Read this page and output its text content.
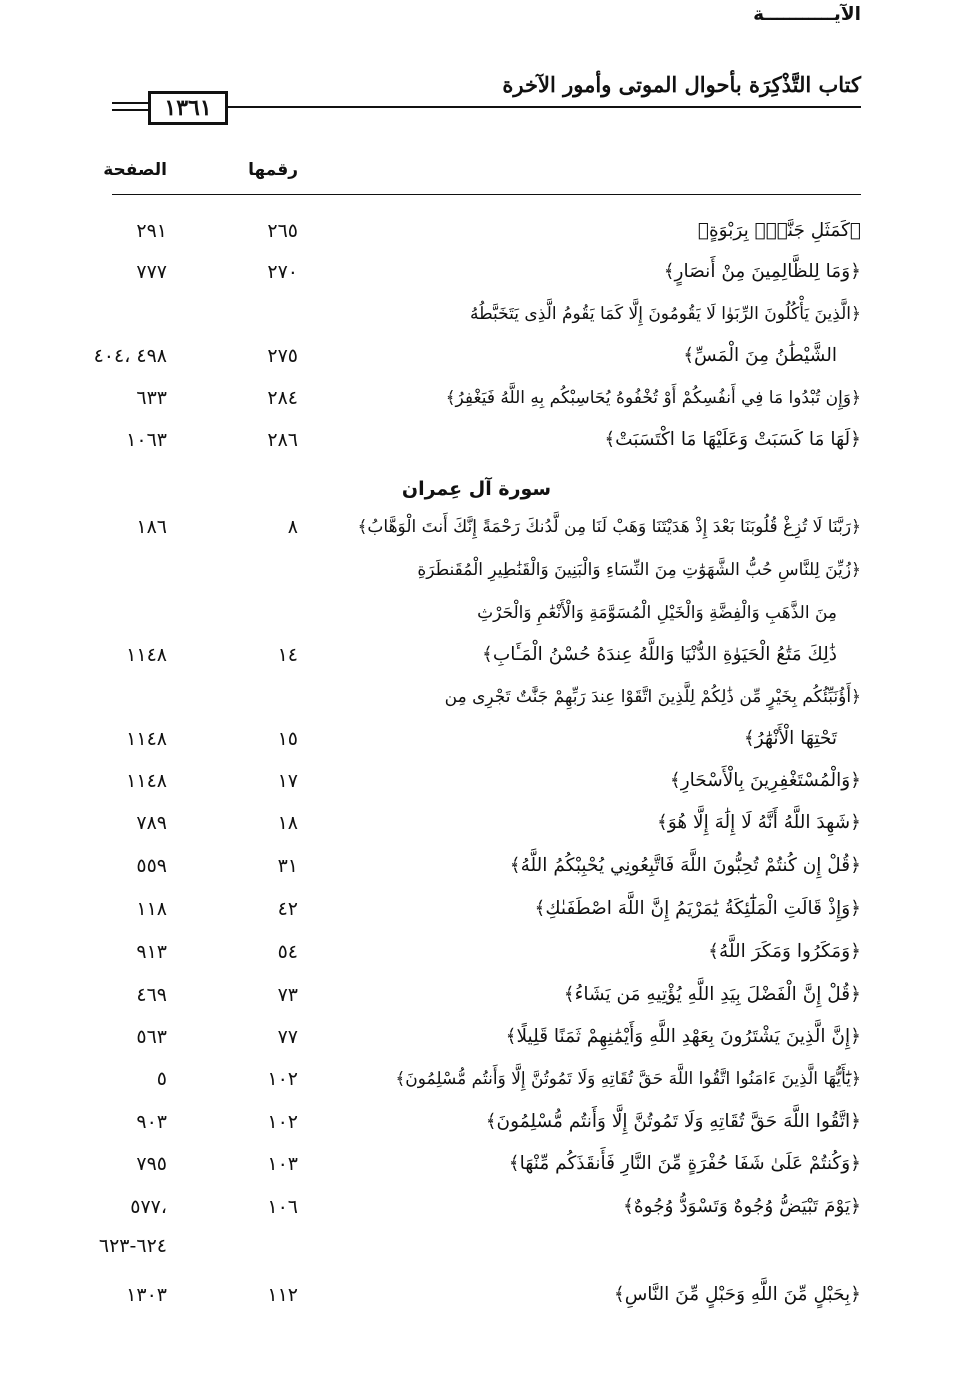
كتاب التَّذْكِرَة بأحوال الموتى وأمور الآخرة
١٣٦١
الآيـــــــــــة
رقمها
الصفحة
﴿كَمَثَلِ جَنَّةِۭ بِرَبْوَةٍ﴾
٢٦٥
٢٩١
﴿وَمَا لِلظَّالِمِينَ مِنْ أَنصَارٍ﴾
٢٧٠
٧٧٧
﴿الَّذِينَ يَأْكُلُونَ الرِّبَوٰا لَا يَقُومُونَ إِلَّا كَمَا يَقُومُ الَّذِى يَتَخَبَّطُهُ
الشَّيْطَٰنُ مِنَ الْمَسِّ﴾
٢٧٥
٤٩٨ ،٤٠٤
﴿وَإِن تُبْدُوا مَا فِي أَنفُسِكُمْ أَوْ تُخْفُوهُ يُحَاسِبْكُم بِهِ اللَّهُ فَيَغْفِرُ﴾
٢٨٤
٦٣٣
﴿لَهَا مَا كَسَبَتْ وَعَلَيْهَا مَا اكْتَسَبَتْ﴾
٢٨٦
١٠٦٣
سورة آل عِمران
﴿رَبَّنَا لَا تُزِغْ قُلُوبَنَا بَعْدَ إِذْ هَدَيْتَنَا وَهَبْ لَنَا مِن لَّدُنكَ رَحْمَةً إِنَّكَ أَنتَ الْوَهَّابُ﴾
٨
١٨٦
﴿زُيِّنَ لِلنَّاسِ حُبُّ الشَّهَوَٰتِ مِنَ النِّسَاءِ وَالْبَنِينَ وَالْقَنَٰطِيرِ الْمُقَنطَرَةِ
مِنَ الذَّهَبِ وَالْفِضَّةِ وَالْخَيْلِ الْمُسَوَّمَةِ وَالْأَنْعَٰمِ وَالْحَرْثِ
ذَٰلِكَ مَتَٰعُ الْحَيَوٰةِ الدُّنْيَا وَاللَّهُ عِندَهُ حُسْنُ الْمَـَٔابِ﴾
١٤
١١٤٨
﴿أَؤُنَبِّئُكُم بِخَيْرٍ مِّن ذَٰلِكُمْ لِلَّذِينَ اتَّقَوْا عِندَ رَبِّهِمْ جَنَّٰتٌ تَجْرِى مِن
تَحْتِهَا الْأَنْهَٰرُ﴾
١٥
١١٤٨
﴿وَالْمُسْتَغْفِرِينَ بِالْأَسْحَارِ﴾
١٧
١١٤٨
﴿شَهِدَ اللَّهُ أَنَّهُ لَا إِلَٰهَ إِلَّا هُوَ﴾
١٨
٧٨٩
﴿قُلْ إِن كُنتُمْ تُحِبُّونَ اللَّهَ فَاتَّبِعُونِي يُحْبِبْكُمُ اللَّهُ﴾
٣١
٥٥٩
﴿وَإِذْ قَالَتِ الْمَلَٰٓئِكَةُ يَٰمَرْيَمُ إِنَّ اللَّهَ اصْطَفَىٰكِ﴾
٤٢
١١٨
﴿وَمَكَرُوا وَمَكَرَ اللَّهُ﴾
٥٤
٩١٣
﴿قُلْ إِنَّ الْفَضْلَ بِيَدِ اللَّهِ يُؤْتِيهِ مَن يَشَاءُ﴾
٧٣
٤٦٩
﴿إِنَّ الَّذِينَ يَشْتَرُونَ بِعَهْدِ اللَّهِ وَأَيْمَٰنِهِمْ ثَمَنًا قَلِيلًا﴾
٧٧
٥٦٣
﴿يَٰٓأَيُّهَا الَّذِينَ ءَامَنُوا اتَّقُوا اللَّهَ حَقَّ تُقَاتِهِ وَلَا تَمُوتُنَّ إِلَّا وَأَنتُم مُّسْلِمُونَ﴾
١٠٢
٥
﴿اتَّقُوا اللَّهَ حَقَّ تُقَاتِهِ وَلَا تَمُوتُنَّ إِلَّا وَأَنتُم مُّسْلِمُونَ﴾
١٠٢
٩٠٣
﴿وَكُنتُمْ عَلَىٰ شَفَا حُفْرَةٍ مِّنَ النَّارِ فَأَنقَذَكُم مِّنْهَا﴾
١٠٣
٧٩٥
﴿يَوْمَ تَبْيَضُّ وُجُوهٌ وَتَسْوَدُّ وُجُوهٌ﴾
١٠٦
،٥٧٧
٦٢٤-٦٢٣
﴿بِحَبْلٍ مِّنَ اللَّهِ وَحَبْلٍ مِّنَ النَّاسِ﴾
١١٢
١٣٠٣
